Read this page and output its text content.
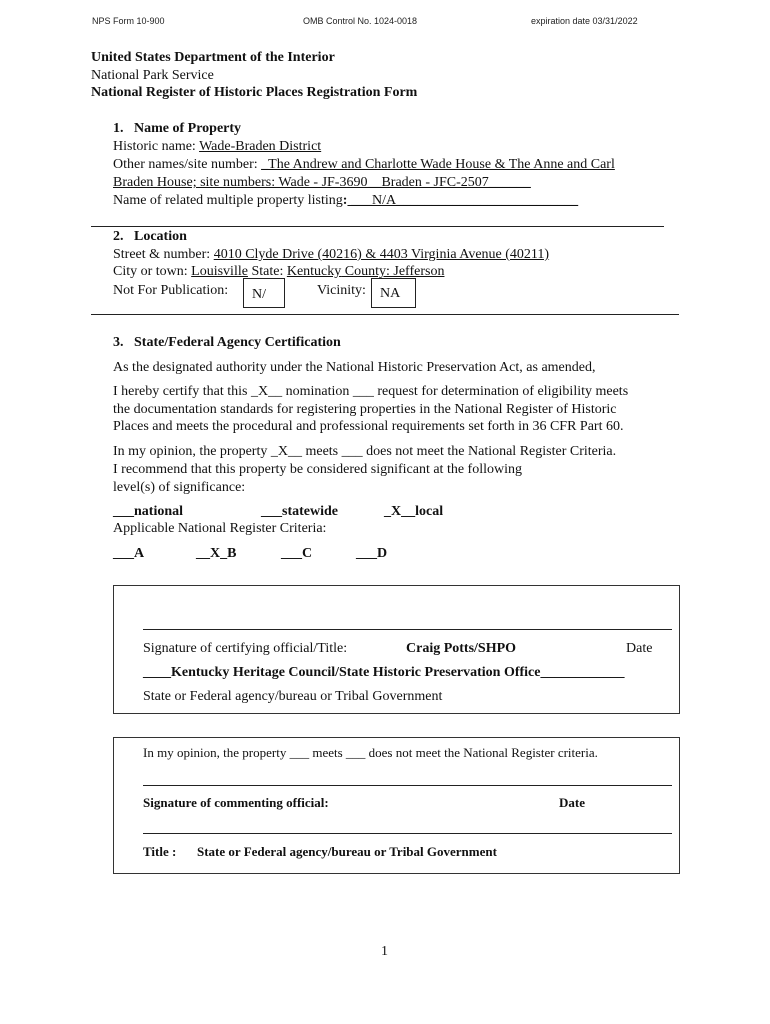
NPS Form 10-900	OMB Control No. 1024-0018	expiration date 03/31/2022
United States Department of the Interior
National Park Service
National Register of Historic Places Registration Form
1.   Name of Property
Historic name: Wade-Braden District
Other names/site number: _The Andrew and Charlotte Wade House & The Anne and Carl
Braden House; site numbers: Wade - JF-3690__Braden - JFC-2507______
Name of related multiple property listing: ___N/A__________________________
2.   Location
Street & number: 4010 Clyde Drive (40216) & 4403 Virginia Avenue (40211)
City or town: Louisville State: Kentucky County: Jefferson
Not For Publication:	N/	Vicinity:	NA
3.   State/Federal Agency Certification
As the designated authority under the National Historic Preservation Act, as amended,
I hereby certify that this _X__ nomination ___ request for determination of eligibility meets
the documentation standards for registering properties in the National Register of Historic
Places and meets the procedural and professional requirements set forth in 36 CFR Part 60.
In my opinion, the property _X__ meets ___ does not meet the National Register Criteria.
I recommend that this property be considered significant at the following
level(s) of significance:
___national	___statewide	_X__local
Applicable National Register Criteria:
___A	__X_B	___C	___D
Signature of certifying official/Title:	Craig Potts/SHPO	Date
____Kentucky Heritage Council/State Historic Preservation Office____________
State or Federal agency/bureau or Tribal Government
In my opinion, the property ___ meets ___ does not meet the National Register criteria.
Signature of commenting official:	Date
Title : State or Federal agency/bureau or Tribal Government
1
